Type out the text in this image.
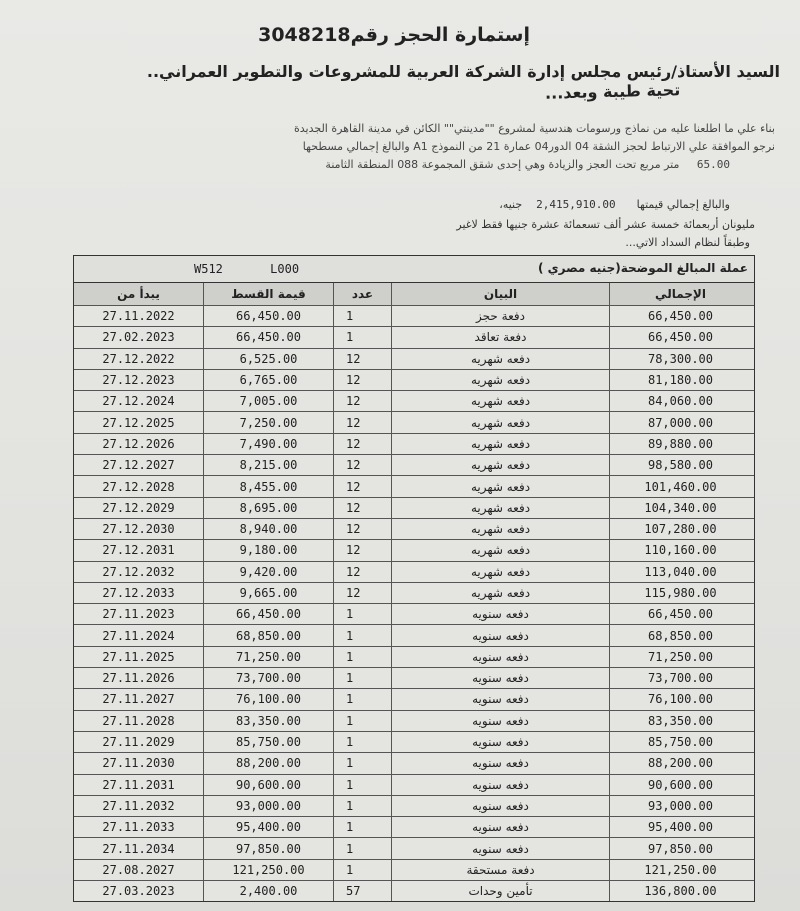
إستمارة الحجز رقم3048218
السيد الأستاذ/رئيس مجلس إدارة الشركة العربية للمشروعات والتطوير العمراني..
تحية طيبة وبعد...
بناء علي ما اطلعنا عليه من نماذج ورسومات هندسية لمشروع ""مدينتي"" الكائن في مدينة القاهرة الجديدة
نرجو الموافقة علي الارتباط لحجز الشقة 04 الدور04 عمارة 21 من النموذج A1 والبالغ إجمالي مسطحها
65.00     متر مربع تحت العجز والزيادة وهي إحدى شقق المجموعة 088 المنطقة الثامنة
والبالغ إجمالي قيمتها      2,415,910.00    جنيه،
مليونان أربعمائة خمسة عشر ألف تسعمائة عشرة جنيها فقط لاغير
وطبقاً لنظام السداد الاتي...
عملة المبالغ الموضحة(جنيه مصري )
W512	L000
يبدأ من	قيمة القسط	عدد	البيان	الإجمالي
27.11.2022	66,450.00	1	دفعة حجز	66,450.00
27.02.2023	66,450.00	1	دفعة تعاقد	66,450.00
27.12.2022	6,525.00	12	دفعه شهريه	78,300.00
27.12.2023	6,765.00	12	دفعه شهريه	81,180.00
27.12.2024	7,005.00	12	دفعه شهريه	84,060.00
27.12.2025	7,250.00	12	دفعه شهريه	87,000.00
27.12.2026	7,490.00	12	دفعه شهريه	89,880.00
27.12.2027	8,215.00	12	دفعه شهريه	98,580.00
27.12.2028	8,455.00	12	دفعه شهريه	101,460.00
27.12.2029	8,695.00	12	دفعه شهريه	104,340.00
27.12.2030	8,940.00	12	دفعه شهريه	107,280.00
27.12.2031	9,180.00	12	دفعه شهريه	110,160.00
27.12.2032	9,420.00	12	دفعه شهريه	113,040.00
27.12.2033	9,665.00	12	دفعه شهريه	115,980.00
27.11.2023	66,450.00	1	دفعه سنويه	66,450.00
27.11.2024	68,850.00	1	دفعه سنويه	68,850.00
27.11.2025	71,250.00	1	دفعه سنويه	71,250.00
27.11.2026	73,700.00	1	دفعه سنويه	73,700.00
27.11.2027	76,100.00	1	دفعه سنويه	76,100.00
27.11.2028	83,350.00	1	دفعه سنويه	83,350.00
27.11.2029	85,750.00	1	دفعه سنويه	85,750.00
27.11.2030	88,200.00	1	دفعه سنويه	88,200.00
27.11.2031	90,600.00	1	دفعه سنويه	90,600.00
27.11.2032	93,000.00	1	دفعه سنويه	93,000.00
27.11.2033	95,400.00	1	دفعه سنويه	95,400.00
27.11.2034	97,850.00	1	دفعه سنويه	97,850.00
27.08.2027	121,250.00	1	دفعة مستحقة	121,250.00
27.03.2023	2,400.00	57	تأمين وحدات	136,800.00
